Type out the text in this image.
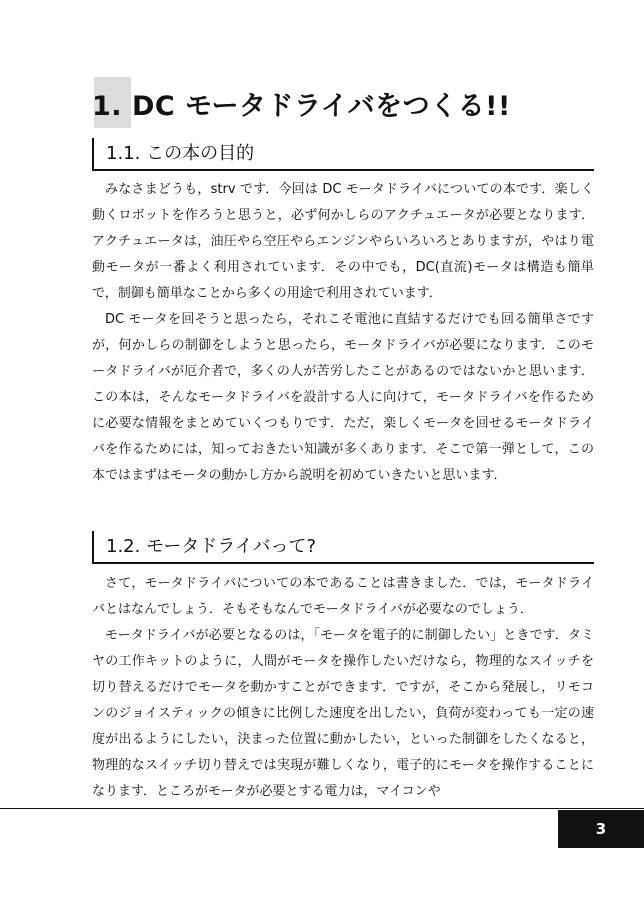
1. DC モータドライバをつくる!!
1.1. この本の目的

みなさまどうも，strv です．今回は DC モータドライバについての本です．楽しく動くロボットを作ろうと思うと，必ず何かしらのアクチュエータが必要となります．アクチュエータは，油圧やら空圧やらエンジンやらいろいろとありますが，やはり電動モータが一番よく利用されています．その中でも，DC(直流)モータは構造も簡単で，制御も簡単なことから多くの用途で利用されています．

DC モータを回そうと思ったら，それこそ電池に直結するだけでも回る簡単さですが，何かしらの制御をしようと思ったら，モータドライバが必要になります．このモータドライバが厄介者で，多くの人が苦労したことがあるのではないかと思います．この本は，そんなモータドライバを設計する人に向けて，モータドライバを作るために必要な情報をまとめていくつもりです．ただ，楽しくモータを回せるモータドライバを作るためには，知っておきたい知識が多くあります．そこで第一弾として，この本ではまずはモータの動かし方から説明を初めていきたいと思います．

1.2. モータドライバって?

さて，モータドライバについての本であることは書きました．では，モータドライバとはなんでしょう．そもそもなんでモータドライバが必要なのでしょう．

モータドライバが必要となるのは，「モータを電子的に制御したい」ときです．タミヤの工作キットのように，人間がモータを操作したいだけなら，物理的なスイッチを切り替えるだけでモータを動かすことができます．ですが，そこから発展し，リモコンのジョイスティックの傾きに比例した速度を出したい，負荷が変わっても一定の速度が出るようにしたい，決まった位置に動かしたい，といった制御をしたくなると，物理的なスイッチ切り替えでは実現が難しくなり，電子的にモータを操作することになります．ところがモータが必要とする電力は，マイコンや

3
